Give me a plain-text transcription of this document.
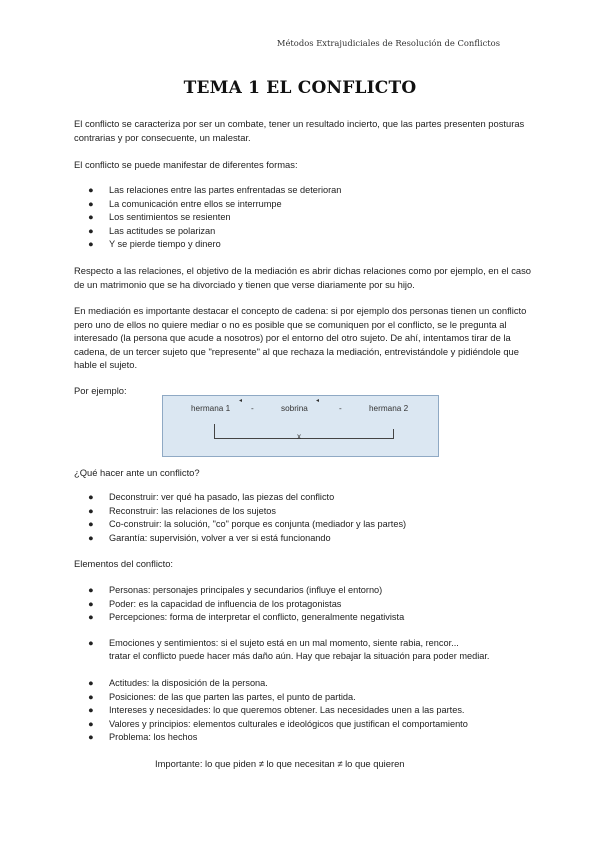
Métodos Extrajudiciales de Resolución de Conflictos
TEMA 1 EL CONFLICTO
El conflicto se caracteriza por ser un combate, tener un resultado incierto, que las partes presenten posturas contrarias y por consecuente, un malestar.
El conflicto se puede manifestar de diferentes formas:
● Las relaciones entre las partes enfrentadas se deterioran
● La comunicación entre ellos se interrumpe
● Los sentimientos se resienten
● Las actitudes se polarizan
● Y se pierde tiempo y dinero
Respecto a las relaciones, el objetivo de la mediación es abrir dichas relaciones como por ejemplo, en el caso de un matrimonio que se ha divorciado y tienen que verse diariamente por su hijo.
En mediación es importante destacar el concepto de cadena: si por ejemplo dos personas tienen un conflicto pero uno de ellos no quiere mediar o no es posible que se comuniquen por el conflicto, se le pregunta al interesado (la persona que acude a nosotros) por el entorno del otro sujeto. De ahí, intentamos tirar de la cadena, de un tercer sujeto que "represente" al que rechaza la mediación, entrevistándole y pidiéndole que hable el sujeto.
Por ejemplo:
hermana 1
◂
-	sobrina
◂
-	hermana 2
x
¿Qué hacer ante un conflicto?
● Deconstruir: ver qué ha pasado, las piezas del conflicto
● Reconstruir: las relaciones de los sujetos
● Co-construir: la solución, "co" porque es conjunta (mediador y las partes)
● Garantía: supervisión, volver a ver si está funcionando
Elementos del conflicto:
● Personas: personajes principales y secundarios (influye el entorno)
● Poder: es la capacidad de influencia de los protagonistas
● Percepciones: forma de interpretar el conflicto, generalmente negativista
● Emociones y sentimientos: si el sujeto está en un mal momento, siente rabia, rencor...
tratar el conflicto puede hacer más daño aún. Hay que rebajar la situación para poder mediar.
● Actitudes: la disposición de la persona.
● Posiciones: de las que parten las partes, el punto de partida.
● Intereses y necesidades: lo que queremos obtener. Las necesidades unen a las partes.
● Valores y principios: elementos culturales e ideológicos que justifican el comportamiento
● Problema: los hechos
Importante: lo que piden ≠ lo que necesitan ≠ lo que quieren
